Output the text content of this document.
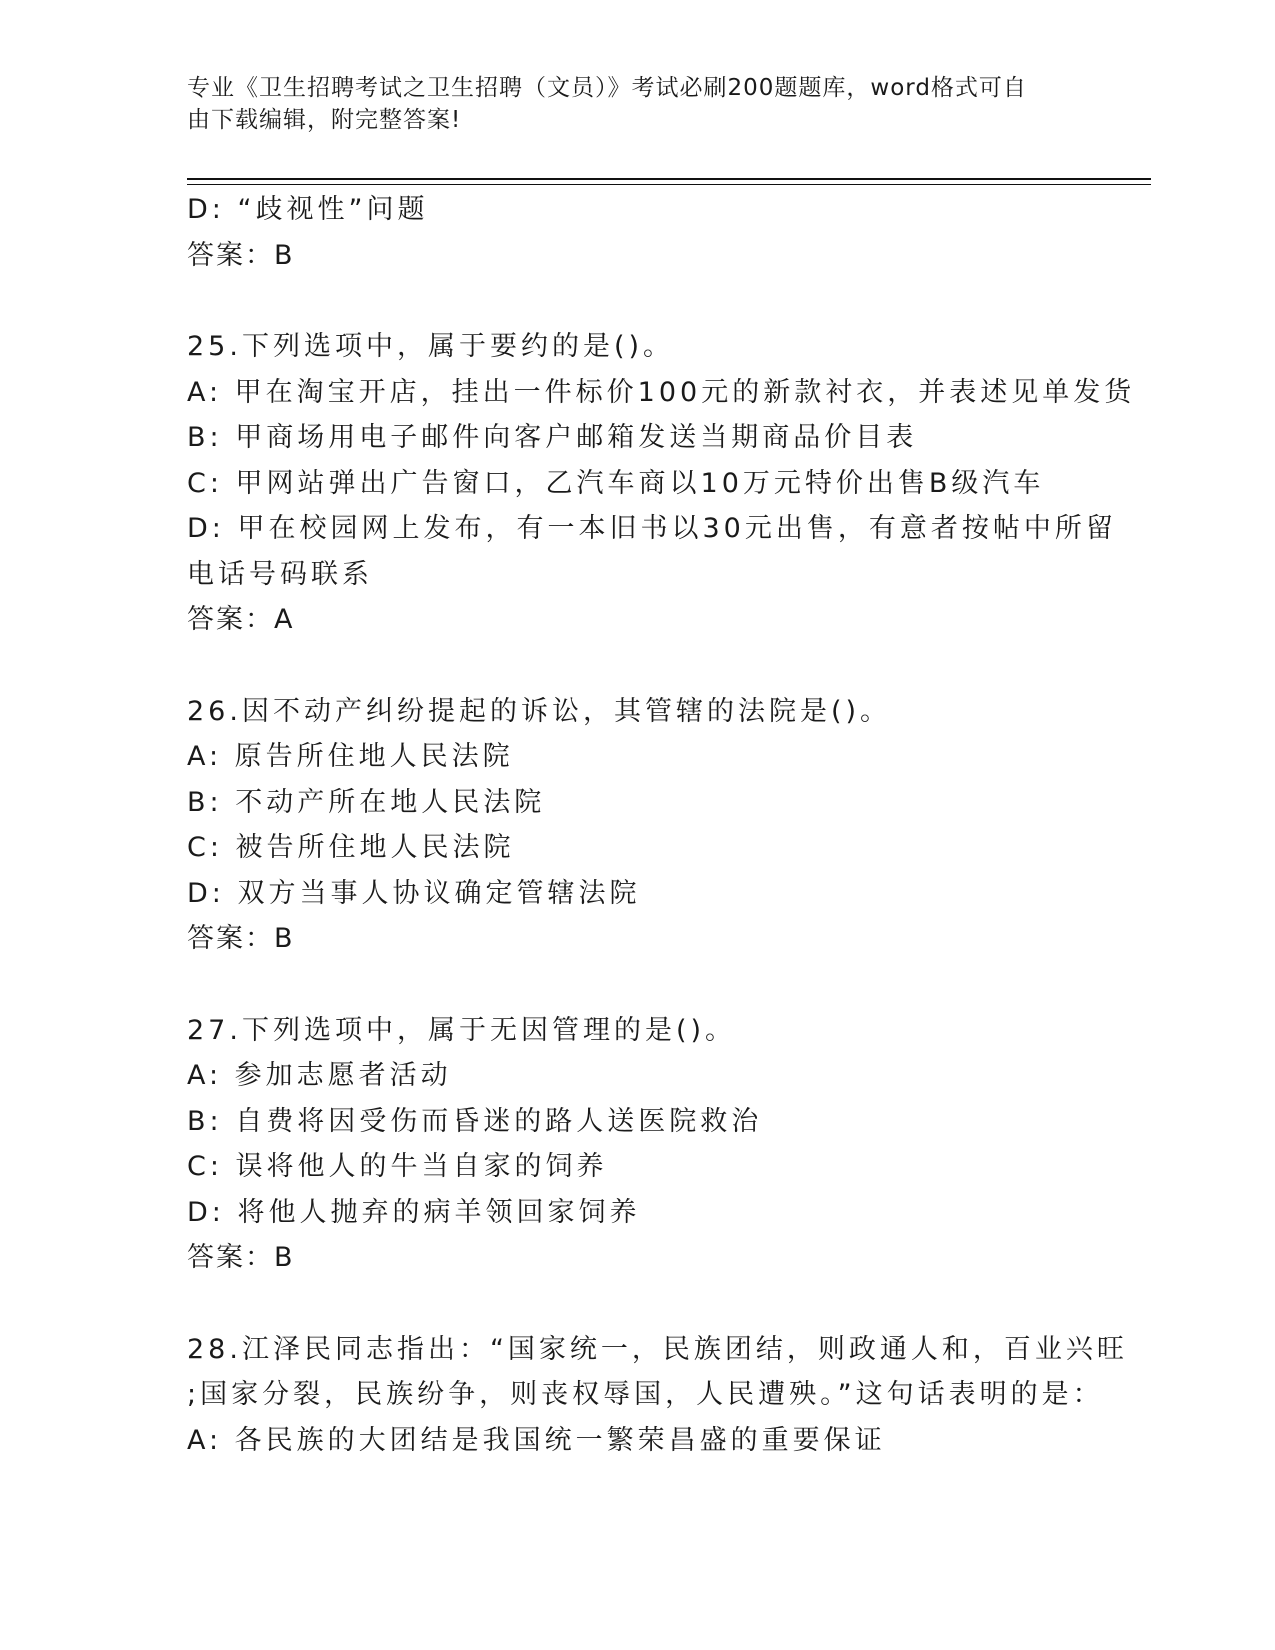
专业《卫生招聘考试之卫生招聘（文员）》考试必刷200题题库，word格式可自
由下载编辑，附完整答案!
D: “歧视性”问题
答案：B
25.下列选项中，属于要约的是()。
A: 甲在淘宝开店，挂出一件标价100元的新款衬衣，并表述见单发货
B: 甲商场用电子邮件向客户邮箱发送当期商品价目表
C: 甲网站弹出广告窗口，乙汽车商以10万元特价出售B级汽车
D: 甲在校园网上发布，有一本旧书以30元出售，有意者按帖中所留
电话号码联系
答案：A
26.因不动产纠纷提起的诉讼，其管辖的法院是()。
A: 原告所住地人民法院
B: 不动产所在地人民法院
C: 被告所住地人民法院
D: 双方当事人协议确定管辖法院
答案：B
27.下列选项中，属于无因管理的是()。
A: 参加志愿者活动
B: 自费将因受伤而昏迷的路人送医院救治
C: 误将他人的牛当自家的饲养
D: 将他人抛弃的病羊领回家饲养
答案：B
28.江泽民同志指出：“国家统一，民族团结，则政通人和，百业兴旺
;国家分裂，民族纷争，则丧权辱国，人民遭殃。”这句话表明的是：
A: 各民族的大团结是我国统一繁荣昌盛的重要保证
